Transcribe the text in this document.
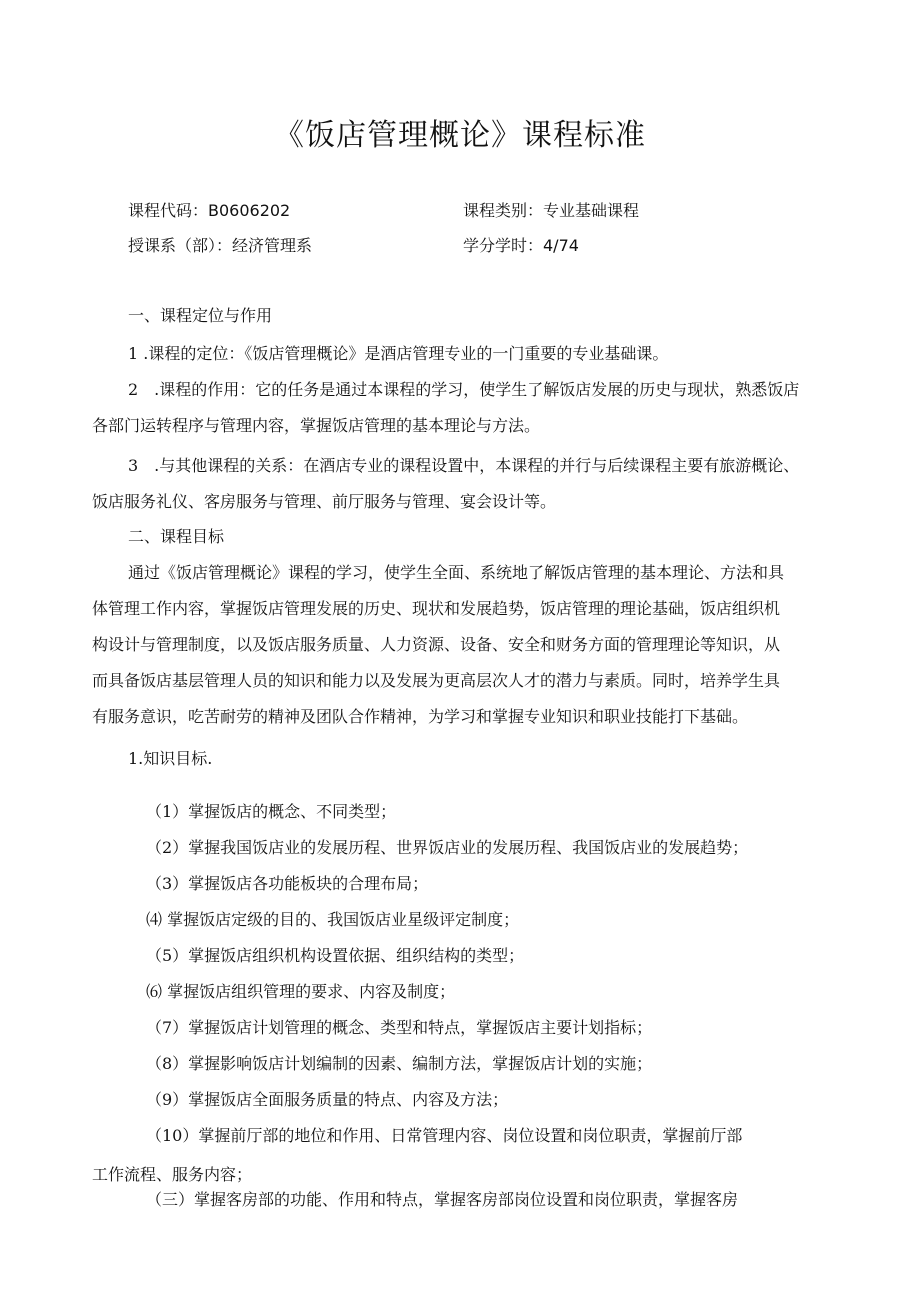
《饭店管理概论》课程标准
课程代码：B0606202	课程类别：专业基础课程
授课系（部）：经济管理系	学分学时：4/74
一、课程定位与作用
1 .课程的定位：《饭店管理概论》是酒店管理专业的一门重要的专业基础课。
2　.课程的作用：它的任务是通过本课程的学习，使学生了解饭店发展的历史与现状，熟悉饭店
各部门运转程序与管理内容，掌握饭店管理的基本理论与方法。
3　.与其他课程的关系：在酒店专业的课程设置中，本课程的并行与后续课程主要有旅游概论、
饭店服务礼仪、客房服务与管理、前厅服务与管理、宴会设计等。
二、课程目标
通过《饭店管理概论》课程的学习，使学生全面、系统地了解饭店管理的基本理论、方法和具
体管理工作内容，掌握饭店管理发展的历史、现状和发展趋势，饭店管理的理论基础，饭店组织机
构设计与管理制度，以及饭店服务质量、人力资源、设备、安全和财务方面的管理理论等知识，从
而具备饭店基层管理人员的知识和能力以及发展为更高层次人才的潜力与素质。同时，培养学生具
有服务意识，吃苦耐劳的精神及团队合作精神，为学习和掌握专业知识和职业技能打下基础。
1.知识目标.
（1）掌握饭店的概念、不同类型；
（2）掌握我国饭店业的发展历程、世界饭店业的发展历程、我国饭店业的发展趋势；
（3）掌握饭店各功能板块的合理布局；
⑷ 掌握饭店定级的目的、我国饭店业星级评定制度；
（5）掌握饭店组织机构设置依据、组织结构的类型；
⑹ 掌握饭店组织管理的要求、内容及制度；
（7）掌握饭店计划管理的概念、类型和特点，掌握饭店主要计划指标；
（8）掌握影响饭店计划编制的因素、编制方法，掌握饭店计划的实施；
（9）掌握饭店全面服务质量的特点、内容及方法；
（10）掌握前厅部的地位和作用、日常管理内容、岗位设置和岗位职责，掌握前厅部
工作流程、服务内容；
（三）掌握客房部的功能、作用和特点，掌握客房部岗位设置和岗位职责，掌握客房
